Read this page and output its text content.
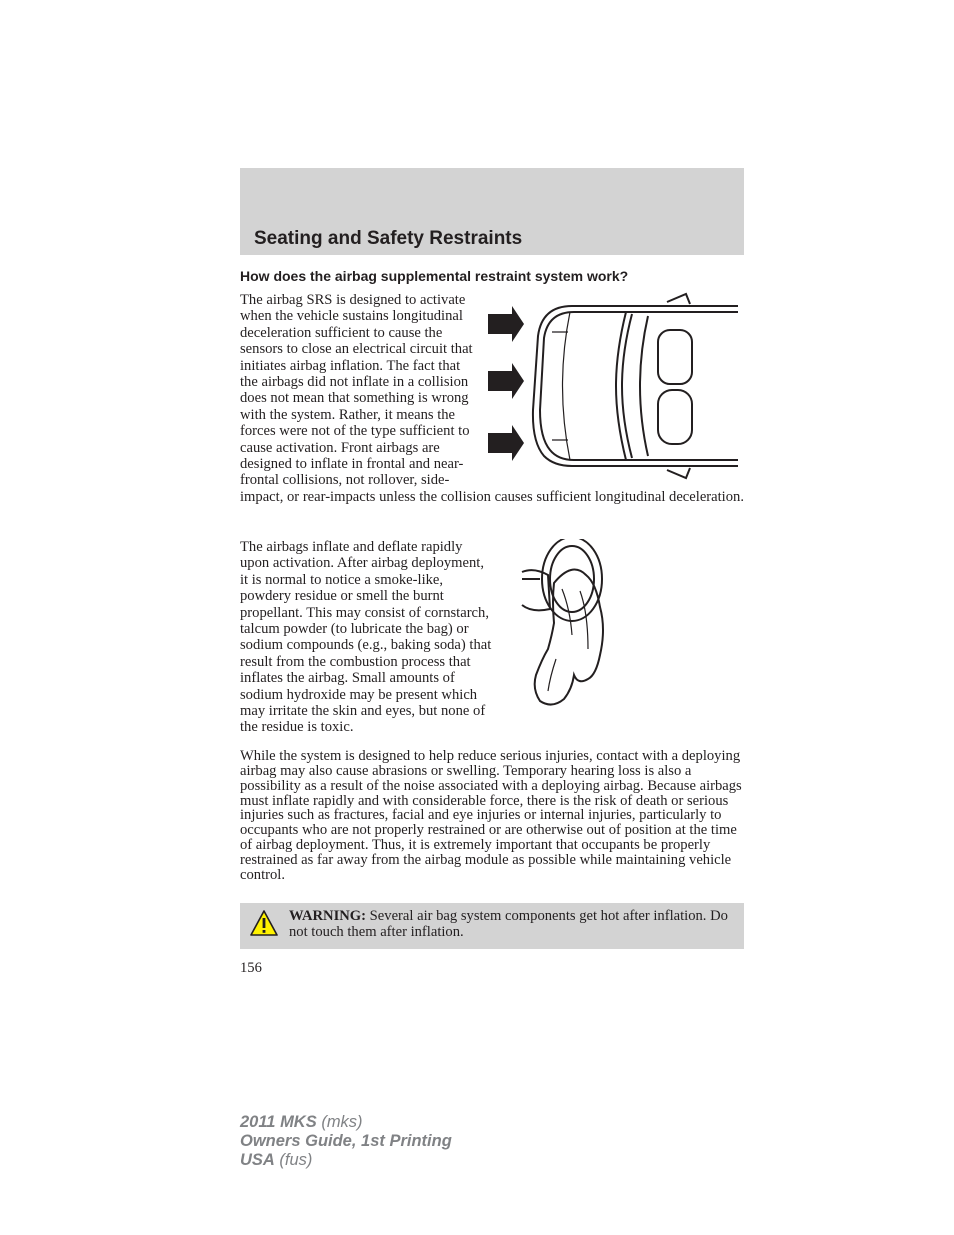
Seating and Safety Restraints
How does the airbag supplemental restraint system work?
The airbag SRS is designed to activate when the vehicle sustains longitudinal deceleration sufficient to cause the sensors to close an electrical circuit that initiates airbag inflation. The fact that the airbags did not inflate in a collision does not mean that something is wrong with the system. Rather, it means the forces were not of the type sufficient to cause activation. Front airbags are designed to inflate in frontal and near-frontal collisions, not rollover, side-impact, or rear-impacts unless the collision causes sufficient longitudinal deceleration.
The airbags inflate and deflate rapidly upon activation. After airbag deployment, it is normal to notice a smoke-like, powdery residue or smell the burnt propellant. This may consist of cornstarch, talcum powder (to lubricate the bag) or sodium compounds (e.g., baking soda) that result from the combustion process that inflates the airbag. Small amounts of sodium hydroxide may be present which may irritate the skin and eyes, but none of the residue is toxic.

While the system is designed to help reduce serious injuries, contact with a deploying airbag may also cause abrasions or swelling. Temporary hearing loss is also a possibility as a result of the noise associated with a deploying airbag. Because airbags must inflate rapidly and with considerable force, there is the risk of death or serious injuries such as fractures, facial and eye injuries or internal injuries, particularly to occupants who are not properly restrained or are otherwise out of position at the time of airbag deployment. Thus, it is extremely important that occupants be properly restrained as far away from the airbag module as possible while maintaining vehicle control.

WARNING: Several air bag system components get hot after inflation. Do not touch them after inflation.

156

2011 MKS (mks)
Owners Guide, 1st Printing
USA (fus)
